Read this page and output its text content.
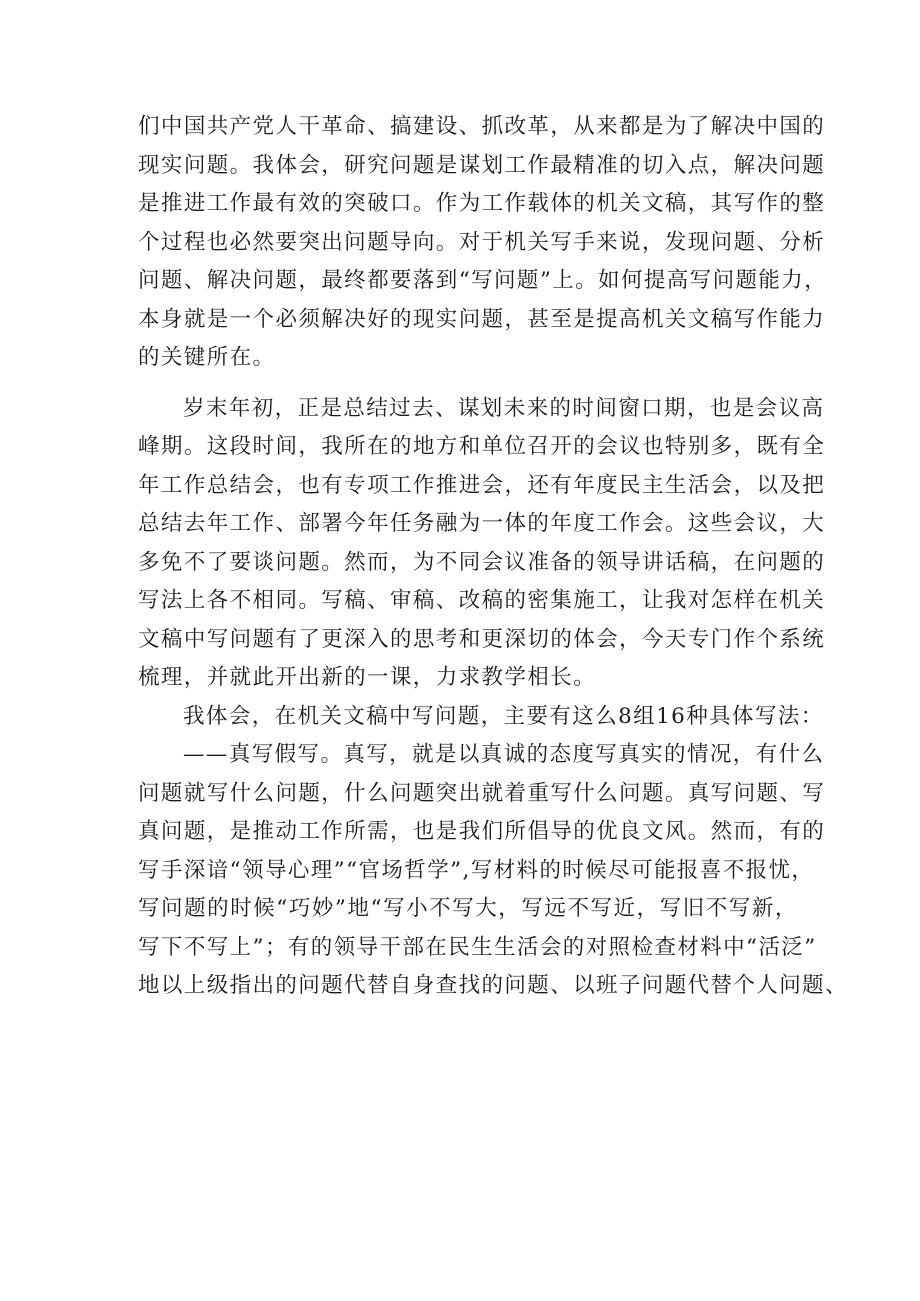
们 中 国 共 产 党 人 干 革 命 、 搞 建 设 、 抓 改 革 ， 从 来 都 是 为 了 解 决 中 国 的
现 实 问 题 。 我 体 会 ， 研 究 问 题 是 谋 划 工 作 最 精 准 的 切 入 点 ， 解 决 问 题
是 推 进 工 作 最 有 效 的 突 破 口 。 作 为 工 作 载 体 的 机 关 文 稿 ， 其 写 作 的 整
个 过 程 也 必 然 要 突 出 问 题 导 向 。 对 于 机 关 写 手 来 说 ， 发 现 问 题 、 分 析
问 题 、 解 决 问 题 ， 最 终 都 要 落 到 “ 写 问 题 ” 上 。 如 何 提 高 写 问 题 能 力 ，
本 身 就 是 一 个 必 须 解 决 好 的 现 实 问 题 ， 甚 至 是 提 高 机 关 文 稿 写 作 能 力
的关键所在。
岁 末 年 初 ， 正 是 总 结 过 去 、 谋 划 未 来 的 时 间 窗 口 期 ， 也 是 会 议 高
峰 期 。 这 段 时 间 ， 我 所 在 的 地 方 和 单 位 召 开 的 会 议 也 特 别 多 ， 既 有 全
年 工 作 总 结 会 ， 也 有 专 项 工 作 推 进 会 ， 还 有 年 度 民 主 生 活 会 ， 以 及 把
总 结 去 年 工 作 、 部 署 今 年 任 务 融 为 一 体 的 年 度 工 作 会 。 这 些 会 议 ， 大
多 免 不 了 要 谈 问 题 。 然 而 ， 为 不 同 会 议 准 备 的 领 导 讲 话 稿 ， 在 问 题 的
写 法 上 各 不 相 同 。 写 稿 、 审 稿 、 改 稿 的 密 集 施 工 ， 让 我 对 怎 样 在 机 关
文 稿 中 写 问 题 有 了 更 深 入 的 思 考 和 更 深 切 的 体 会 ， 今 天 专 门 作 个 系 统
梳理，并就此开出新的一课，力求教学相长。
我体会，在机关文稿中写问题，主要有这么8组16种具体写法：
— — 真 写 假 写 。 真 写 ， 就 是 以 真 诚 的 态 度 写 真 实 的 情 况 ， 有 什 么
问 题 就 写 什 么 问 题 ， 什 么 问 题 突 出 就 着 重 写 什 么 问 题 。 真 写 问 题 、 写
真 问 题 ， 是 推 动 工 作 所 需 ， 也 是 我 们 所 倡 导 的 优 良 文 风 。 然 而 ， 有 的
写 手 深 谙 “ 领 导 心 理 ” “ 官 场 哲 学 ” , 写 材 料 的 时 候 尽 可 能 报 喜 不 报 忧 ，
写 问 题 的 时 候 “ 巧 妙 ” 地 “ 写 小 不 写 大 ， 写 远 不 写 近 ， 写 旧 不 写 新 ，
写 下 不 写 上 ” ； 有 的 领 导 干 部 在 民 生 生 活 会 的 对 照 检 查 材 料 中 “ 活 泛 ”
地以上级指出的问题代替自身查找的问题、以班子问题代替个人问题、
